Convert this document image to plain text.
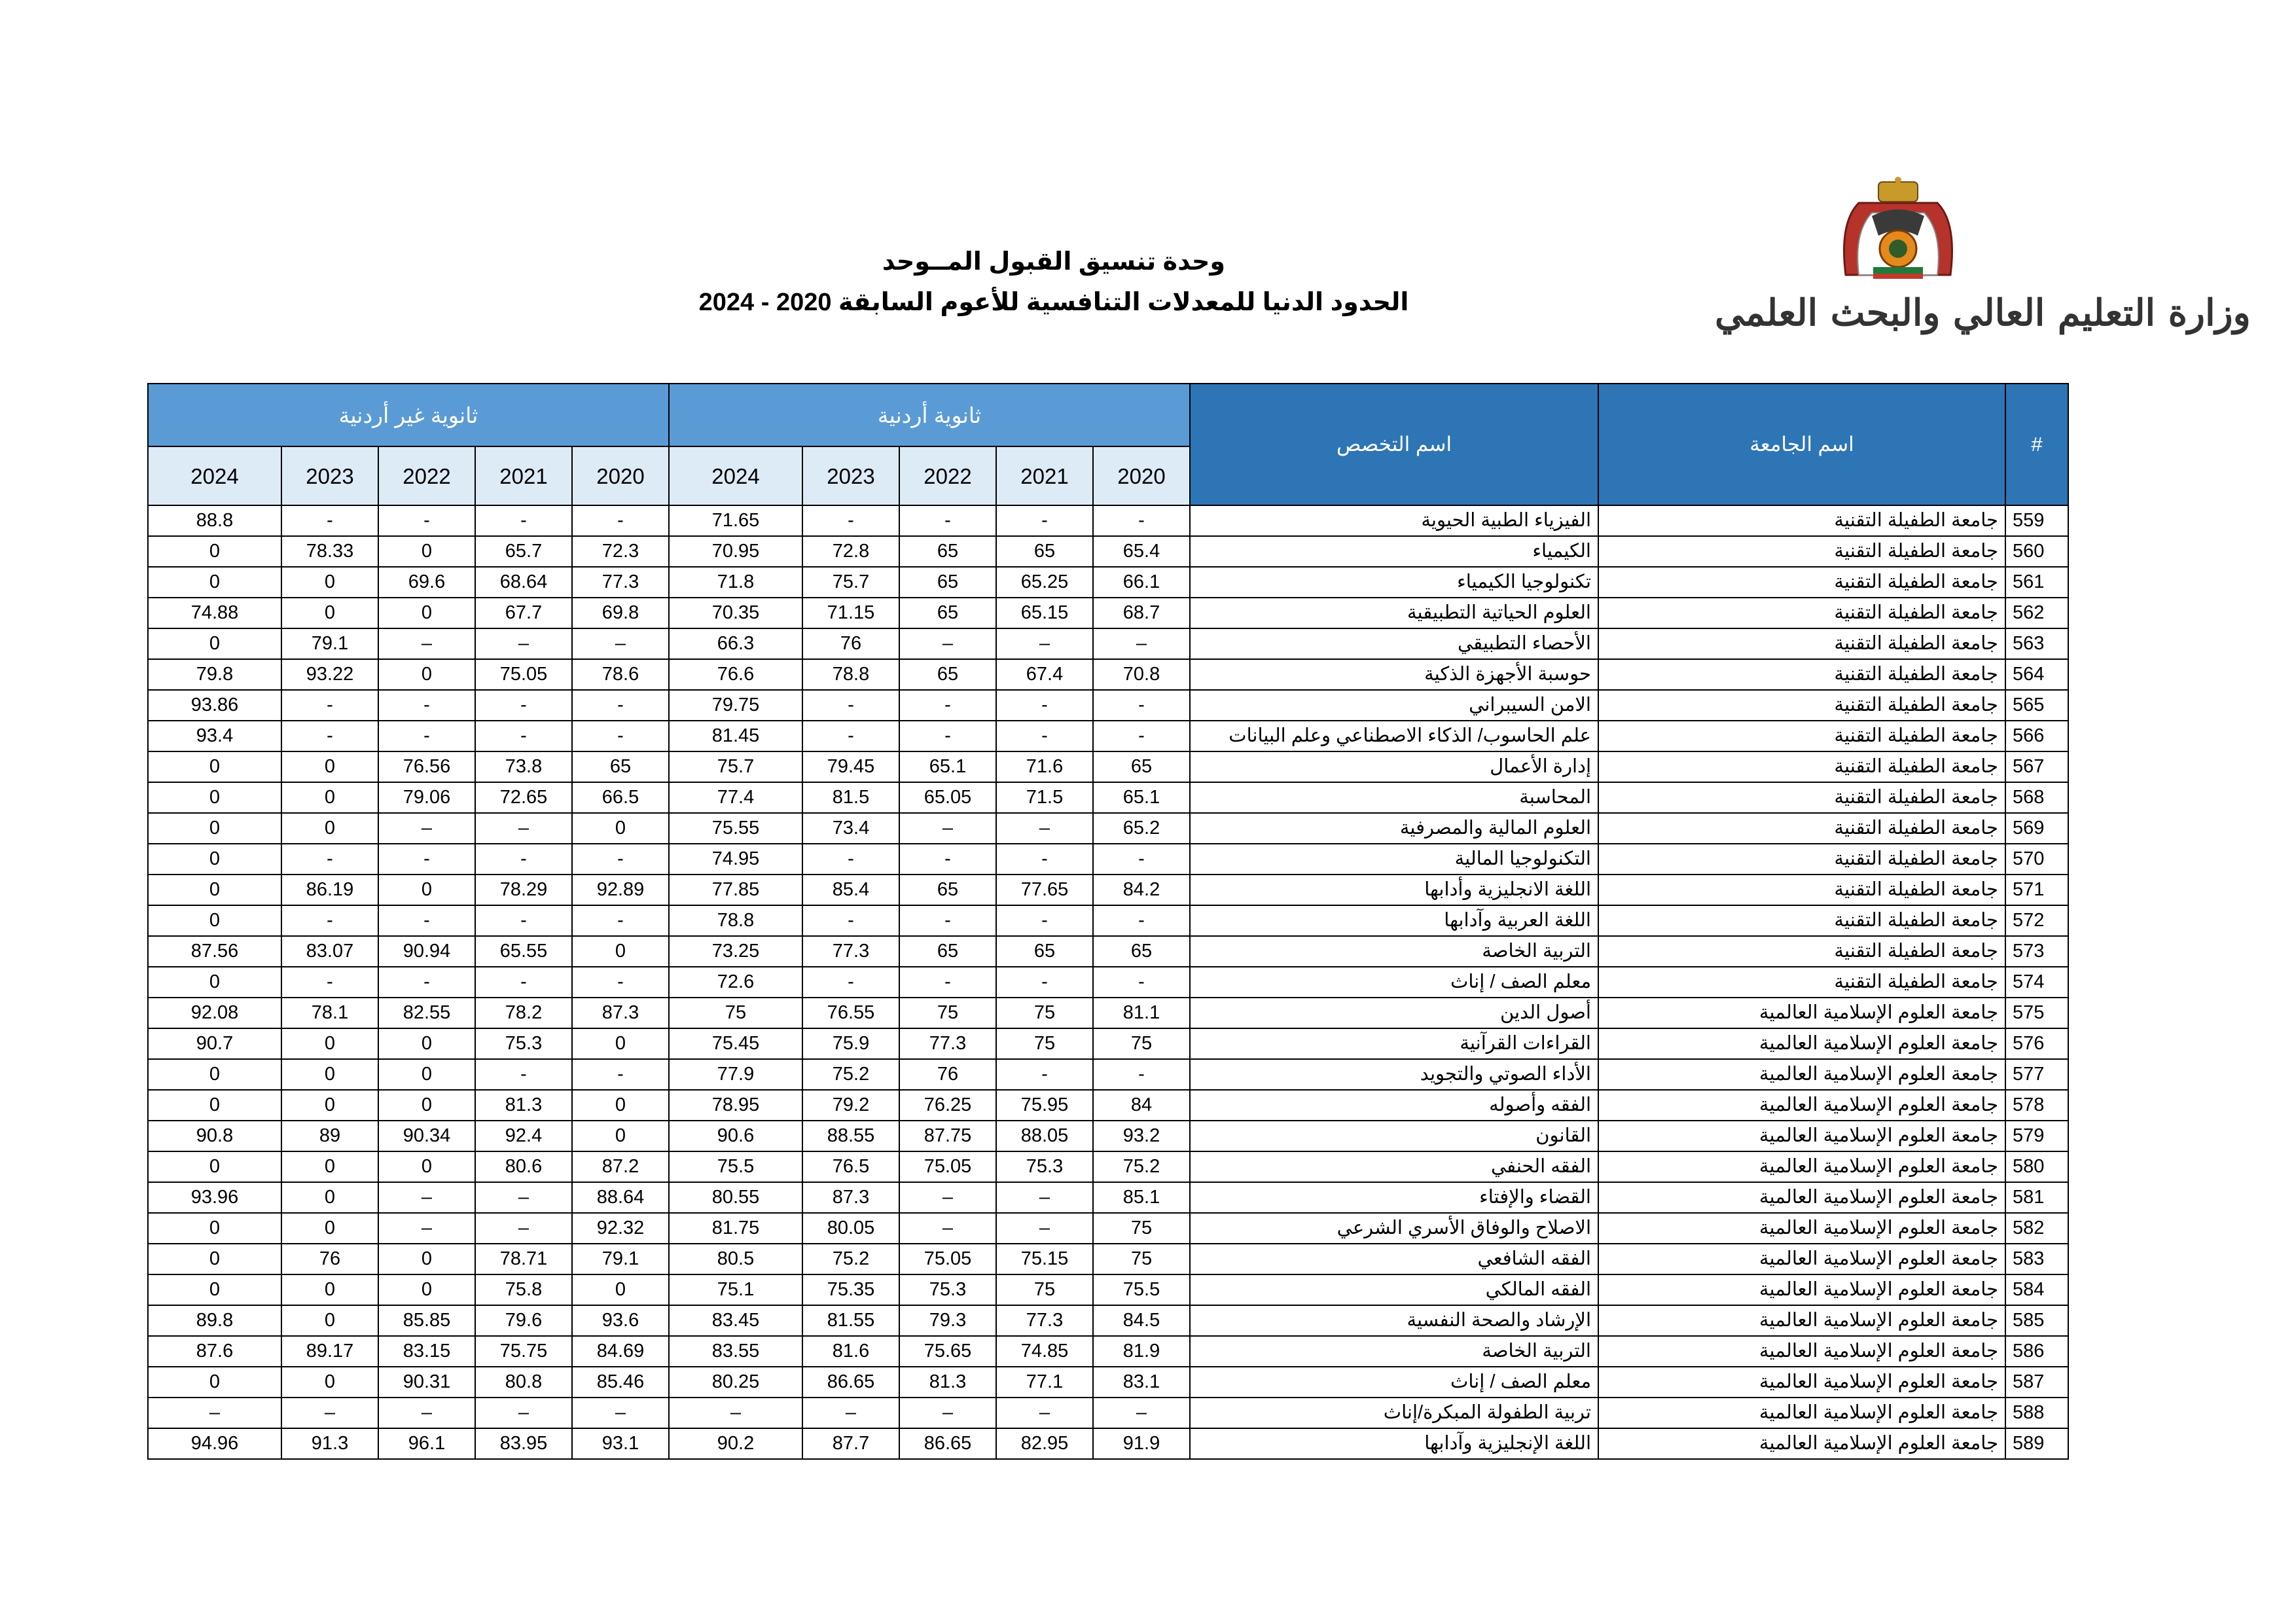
وزارة التعليم العالي والبحث العلمي
وحدة تنسيق القبول المــوحد
الحدود الدنيا للمعدلات التنافسية للأعوم السابقة 2020 - 2024
ثانوية غير أردنية					ثانوية أردنية					اسم التخصص	اسم الجامعة	#
2024	2023	2022	2021	2020	2024	2023	2022	2021	2020			
88.8	-	-	-	-	71.65	-	-	-	-	الفيزياء الطبية الحيوية	جامعة الطفيلة التقنية	559
0	78.33	0	65.7	72.3	70.95	72.8	65	65	65.4	الكيمياء	جامعة الطفيلة التقنية	560
0	0	69.6	68.64	77.3	71.8	75.7	65	65.25	66.1	تكنولوجيا الكيمياء	جامعة الطفيلة التقنية	561
74.88	0	0	67.7	69.8	70.35	71.15	65	65.15	68.7	العلوم الحياتية التطبيقية	جامعة الطفيلة التقنية	562
0	79.1	–	–	–	66.3	76	–	–	–	الأحصاء التطبيقي	جامعة الطفيلة التقنية	563
79.8	93.22	0	75.05	78.6	76.6	78.8	65	67.4	70.8	حوسبة الأجهزة الذكية	جامعة الطفيلة التقنية	564
93.86	-	-	-	-	79.75	-	-	-	-	الامن السيبراني	جامعة الطفيلة التقنية	565
93.4	-	-	-	-	81.45	-	-	-	-	علم الحاسوب/ الذكاء الاصطناعي وعلم البيانات	جامعة الطفيلة التقنية	566
0	0	76.56	73.8	65	75.7	79.45	65.1	71.6	65	إدارة الأعمال	جامعة الطفيلة التقنية	567
0	0	79.06	72.65	66.5	77.4	81.5	65.05	71.5	65.1	المحاسبة	جامعة الطفيلة التقنية	568
0	0	–	–	0	75.55	73.4	–	–	65.2	العلوم المالية والمصرفية	جامعة الطفيلة التقنية	569
0	-	-	-	-	74.95	-	-	-	-	التكنولوجيا المالية	جامعة الطفيلة التقنية	570
0	86.19	0	78.29	92.89	77.85	85.4	65	77.65	84.2	اللغة الانجليزية وأدابها	جامعة الطفيلة التقنية	571
0	-	-	-	-	78.8	-	-	-	-	اللغة العربية وآدابها	جامعة الطفيلة التقنية	572
87.56	83.07	90.94	65.55	0	73.25	77.3	65	65	65	التربية الخاصة	جامعة الطفيلة التقنية	573
0	-	-	-	-	72.6	-	-	-	-	معلم الصف / إناث	جامعة الطفيلة التقنية	574
92.08	78.1	82.55	78.2	87.3	75	76.55	75	75	81.1	أصول الدين	جامعة العلوم الإسلامية العالمية	575
90.7	0	0	75.3	0	75.45	75.9	77.3	75	75	القراءات القرآنية	جامعة العلوم الإسلامية العالمية	576
0	0	0	-	-	77.9	75.2	76	-	-	الأداء الصوتي والتجويد	جامعة العلوم الإسلامية العالمية	577
0	0	0	81.3	0	78.95	79.2	76.25	75.95	84	الفقه وأصوله	جامعة العلوم الإسلامية العالمية	578
90.8	89	90.34	92.4	0	90.6	88.55	87.75	88.05	93.2	القانون	جامعة العلوم الإسلامية العالمية	579
0	0	0	80.6	87.2	75.5	76.5	75.05	75.3	75.2	الفقه الحنفي	جامعة العلوم الإسلامية العالمية	580
93.96	0	–	–	88.64	80.55	87.3	–	–	85.1	القضاء والإفتاء	جامعة العلوم الإسلامية العالمية	581
0	0	–	–	92.32	81.75	80.05	–	–	75	الاصلاح والوفاق الأسري الشرعي	جامعة العلوم الإسلامية العالمية	582
0	76	0	78.71	79.1	80.5	75.2	75.05	75.15	75	الفقه الشافعي	جامعة العلوم الإسلامية العالمية	583
0	0	0	75.8	0	75.1	75.35	75.3	75	75.5	الفقه المالكي	جامعة العلوم الإسلامية العالمية	584
89.8	0	85.85	79.6	93.6	83.45	81.55	79.3	77.3	84.5	الإرشاد والصحة النفسية	جامعة العلوم الإسلامية العالمية	585
87.6	89.17	83.15	75.75	84.69	83.55	81.6	75.65	74.85	81.9	التربية الخاصة	جامعة العلوم الإسلامية العالمية	586
0	0	90.31	80.8	85.46	80.25	86.65	81.3	77.1	83.1	معلم الصف / إناث	جامعة العلوم الإسلامية العالمية	587
–	–	–	–	–	–	–	–	–	–	تربية الطفولة المبكرة/إناث	جامعة العلوم الإسلامية العالمية	588
94.96	91.3	96.1	83.95	93.1	90.2	87.7	86.65	82.95	91.9	اللغة الإنجليزية وآدابها	جامعة العلوم الإسلامية العالمية	589
